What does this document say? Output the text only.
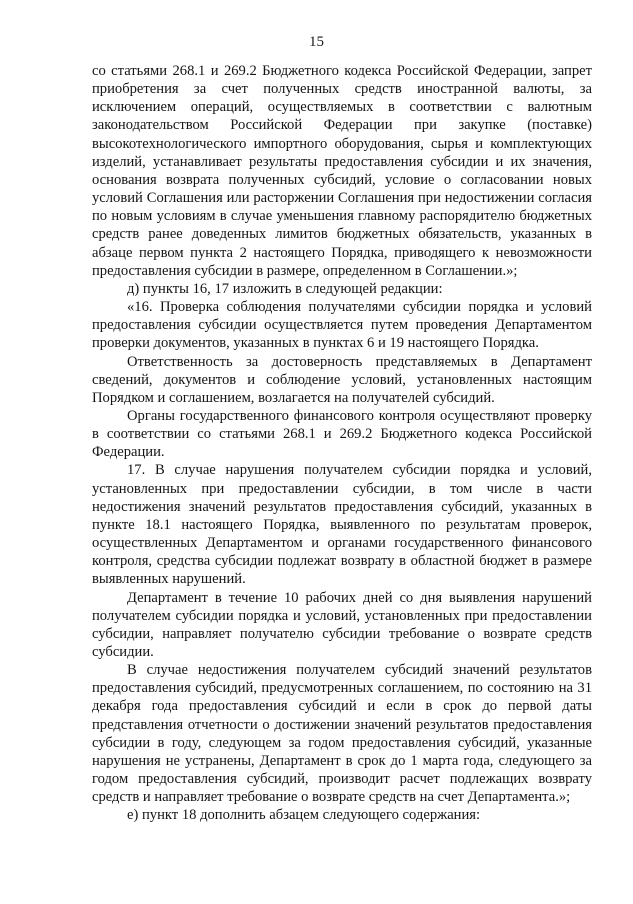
15

со статьями 268.1 и 269.2 Бюджетного кодекса Российской Федерации, запрет приобретения за счет полученных средств иностранной валюты, за исключением операций, осуществляемых в соответствии с валютным законодательством Российской Федерации при закупке (поставке) высокотехнологического импортного оборудования, сырья и комплектующих изделий, устанавливает результаты предоставления субсидии и их значения, основания возврата полученных субсидий, условие о согласовании новых условий Соглашения или расторжении Соглашения при недостижении согласия по новым условиям в случае уменьшения главному распорядителю бюджетных средств ранее доведенных лимитов бюджетных обязательств, указанных в абзаце первом пункта 2 настоящего Порядка, приводящего к невозможности предоставления субсидии в размере, определенном в Соглашении.»;

д) пункты 16, 17 изложить в следующей редакции:

«16. Проверка соблюдения получателями субсидии порядка и условий предоставления субсидии осуществляется путем проведения Департаментом проверки документов, указанных в пунктах 6 и 19 настоящего Порядка.

Ответственность за достоверность представляемых в Департамент сведений, документов и соблюдение условий, установленных настоящим Порядком и соглашением, возлагается на получателей субсидий.

Органы государственного финансового контроля осуществляют проверку в соответствии со статьями 268.1 и 269.2 Бюджетного кодекса Российской Федерации.

17. В случае нарушения получателем субсидии порядка и условий, установленных при предоставлении субсидии, в том числе в части недостижения значений результатов предоставления субсидий, указанных в пункте 18.1 настоящего Порядка, выявленного по результатам проверок, осуществленных Департаментом и органами государственного финансового контроля, средства субсидии подлежат возврату в областной бюджет в размере выявленных нарушений.

Департамент в течение 10 рабочих дней со дня выявления нарушений получателем субсидии порядка и условий, установленных при предоставлении субсидии, направляет получателю субсидии требование о возврате средств субсидии.

В случае недостижения получателем субсидий значений результатов предоставления субсидий, предусмотренных соглашением, по состоянию на 31 декабря года предоставления субсидий и если в срок до первой даты представления отчетности о достижении значений результатов предоставления субсидии в году, следующем за годом предоставления субсидий, указанные нарушения не устранены, Департамент в срок до 1 марта года, следующего за годом предоставления субсидий, производит расчет подлежащих возврату средств и направляет требование о возврате средств на счет Департамента.»;

е) пункт 18 дополнить абзацем следующего содержания:
